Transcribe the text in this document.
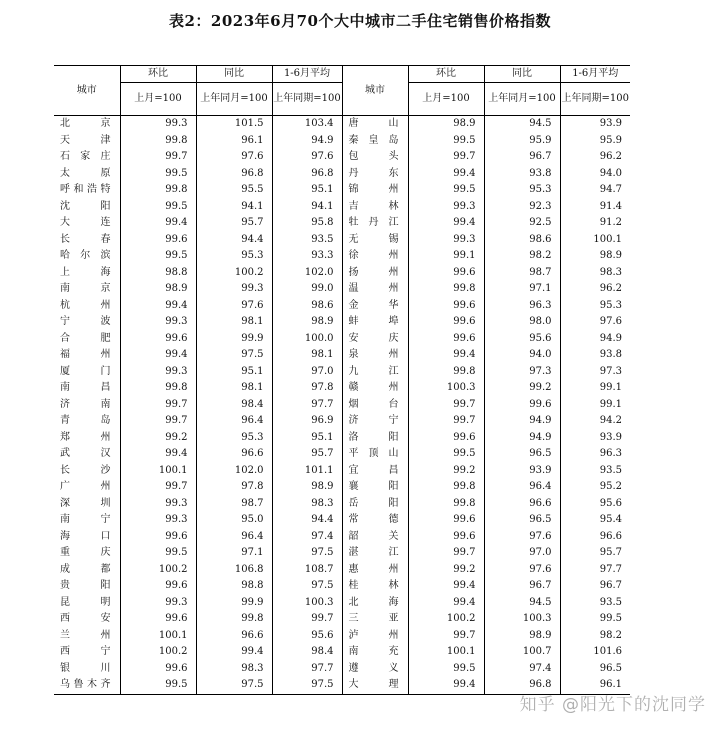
表2：2023年6月70个大中城市二手住宅销售价格指数
城市	环比	同比	1-6月平均	城市	环比	同比	1-6月平均
	上月=100	上年同月=100	上年同期=100		上月=100	上年同月=100	上年同期=100
北京	99.3	101.5	103.4	唐山	98.9	94.5	93.9
天津	99.8	96.1	94.9	秦皇岛	99.5	95.9	95.9
石家庄	99.7	97.6	97.6	包头	99.7	96.7	96.2
太原	99.5	96.8	96.8	丹东	99.4	93.8	94.0
呼和浩特	99.8	95.5	95.1	锦州	99.5	95.3	94.7
沈阳	99.5	94.1	94.1	吉林	99.3	92.3	91.4
大连	99.4	95.7	95.8	牡丹江	99.4	92.5	91.2
长春	99.6	94.4	93.5	无锡	99.3	98.6	100.1
哈尔滨	99.5	95.3	93.3	徐州	99.1	98.2	98.9
上海	98.8	100.2	102.0	扬州	99.6	98.7	98.3
南京	98.9	99.3	99.0	温州	99.8	97.1	96.2
杭州	99.4	97.6	98.6	金华	99.6	96.3	95.3
宁波	99.3	98.1	98.9	蚌埠	99.6	98.0	97.6
合肥	99.6	99.9	100.0	安庆	99.6	95.6	94.9
福州	99.4	97.5	98.1	泉州	99.4	94.0	93.8
厦门	99.3	95.1	97.0	九江	99.8	97.3	97.3
南昌	99.8	98.1	97.8	赣州	100.3	99.2	99.1
济南	99.7	98.4	97.7	烟台	99.7	99.6	99.1
青岛	99.7	96.4	96.9	济宁	99.7	94.9	94.2
郑州	99.2	95.3	95.1	洛阳	99.6	94.9	93.9
武汉	99.4	96.6	95.7	平顶山	99.5	96.5	96.3
长沙	100.1	102.0	101.1	宜昌	99.2	93.9	93.5
广州	99.7	97.8	98.9	襄阳	99.8	96.4	95.2
深圳	99.3	98.7	98.3	岳阳	99.8	96.6	95.6
南宁	99.3	95.0	94.4	常德	99.6	96.5	95.4
海口	99.6	96.4	97.4	韶关	99.6	97.6	96.6
重庆	99.5	97.1	97.5	湛江	99.7	97.0	95.7
成都	100.2	106.8	108.7	惠州	99.2	97.6	97.7
贵阳	99.6	98.8	97.5	桂林	99.4	96.7	96.7
昆明	99.3	99.9	100.3	北海	99.4	94.5	93.5
西安	99.6	99.8	99.7	三亚	100.2	100.3	99.5
兰州	100.1	96.6	95.6	泸州	99.7	98.9	98.2
西宁	100.2	99.4	98.4	南充	100.1	100.7	101.6
银川	99.6	98.3	97.7	遵义	99.5	97.4	96.5
乌鲁木齐	99.5	97.5	97.5	大理	99.4	96.8	96.1
知乎 @阳光下的沈同学
